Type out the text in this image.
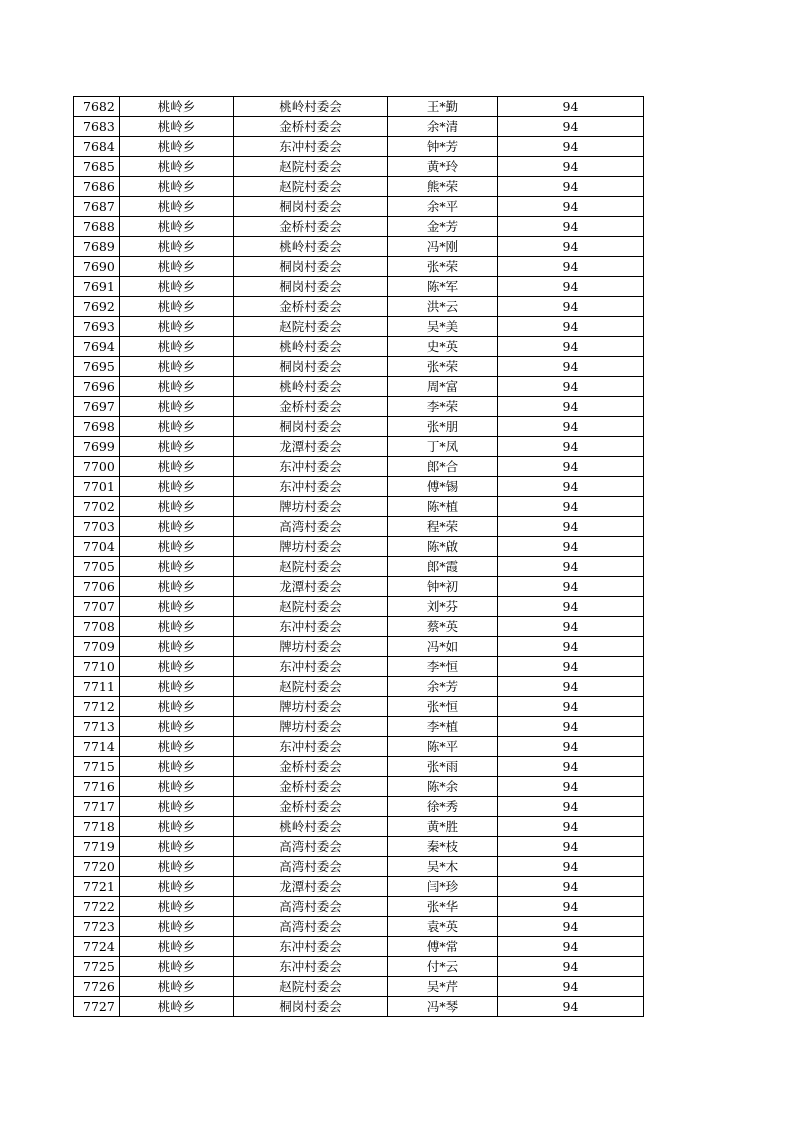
7682	桃岭乡	桃岭村委会	王*勤	94
7683	桃岭乡	金桥村委会	余*清	94
7684	桃岭乡	东冲村委会	钟*芳	94
7685	桃岭乡	赵院村委会	黄*玲	94
7686	桃岭乡	赵院村委会	熊*荣	94
7687	桃岭乡	桐岗村委会	余*平	94
7688	桃岭乡	金桥村委会	金*芳	94
7689	桃岭乡	桃岭村委会	冯*刚	94
7690	桃岭乡	桐岗村委会	张*荣	94
7691	桃岭乡	桐岗村委会	陈*军	94
7692	桃岭乡	金桥村委会	洪*云	94
7693	桃岭乡	赵院村委会	吴*美	94
7694	桃岭乡	桃岭村委会	史*英	94
7695	桃岭乡	桐岗村委会	张*荣	94
7696	桃岭乡	桃岭村委会	周*富	94
7697	桃岭乡	金桥村委会	李*荣	94
7698	桃岭乡	桐岗村委会	张*朋	94
7699	桃岭乡	龙潭村委会	丁*凤	94
7700	桃岭乡	东冲村委会	郎*合	94
7701	桃岭乡	东冲村委会	傅*锡	94
7702	桃岭乡	牌坊村委会	陈*植	94
7703	桃岭乡	高湾村委会	程*荣	94
7704	桃岭乡	牌坊村委会	陈*啟	94
7705	桃岭乡	赵院村委会	郎*霞	94
7706	桃岭乡	龙潭村委会	钟*初	94
7707	桃岭乡	赵院村委会	刘*芬	94
7708	桃岭乡	东冲村委会	蔡*英	94
7709	桃岭乡	牌坊村委会	冯*如	94
7710	桃岭乡	东冲村委会	李*恒	94
7711	桃岭乡	赵院村委会	余*芳	94
7712	桃岭乡	牌坊村委会	张*恒	94
7713	桃岭乡	牌坊村委会	李*植	94
7714	桃岭乡	东冲村委会	陈*平	94
7715	桃岭乡	金桥村委会	张*雨	94
7716	桃岭乡	金桥村委会	陈*余	94
7717	桃岭乡	金桥村委会	徐*秀	94
7718	桃岭乡	桃岭村委会	黄*胜	94
7719	桃岭乡	高湾村委会	秦*枝	94
7720	桃岭乡	高湾村委会	吴*木	94
7721	桃岭乡	龙潭村委会	闫*珍	94
7722	桃岭乡	高湾村委会	张*华	94
7723	桃岭乡	高湾村委会	袁*英	94
7724	桃岭乡	东冲村委会	傅*常	94
7725	桃岭乡	东冲村委会	付*云	94
7726	桃岭乡	赵院村委会	吴*芹	94
7727	桃岭乡	桐岗村委会	冯*琴	94
